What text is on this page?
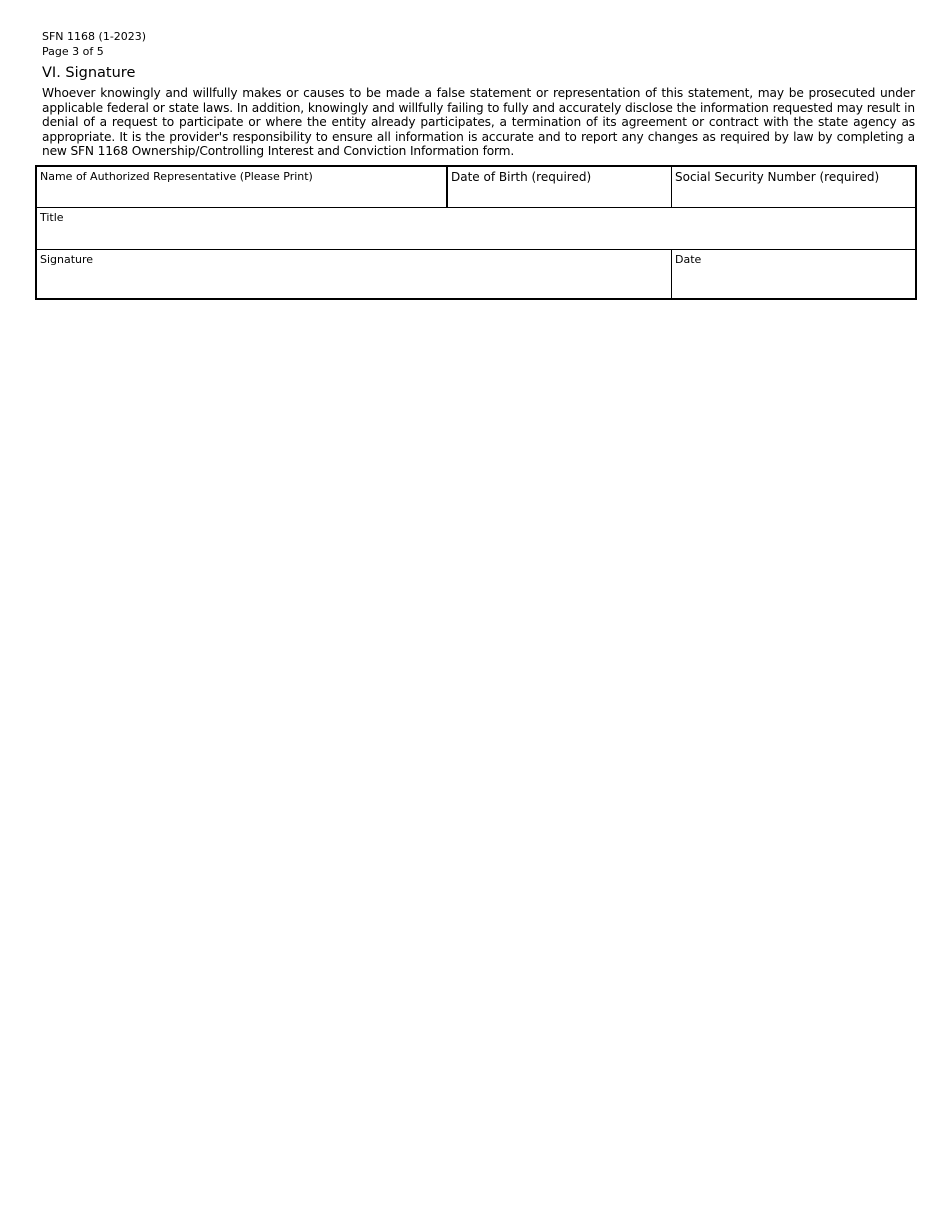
SFN 1168 (1-2023)
Page 3 of 5
VI. Signature
Whoever knowingly and willfully makes or causes to be made a false statement or representation of this statement, may be prosecuted under applicable federal or state laws. In addition, knowingly and willfully failing to fully and accurately disclose the information requested may result in denial of a request to participate or where the entity already participates, a termination of its agreement or contract with the state agency as appropriate. It is the provider's responsibility to ensure all information is accurate and to report any changes as required by law by completing a new SFN 1168 Ownership/Controlling Interest and Conviction Information form.
Name of Authorized Representative (Please Print)	Date of Birth (required)	Social Security Number (required)
Title
Signature	Date
